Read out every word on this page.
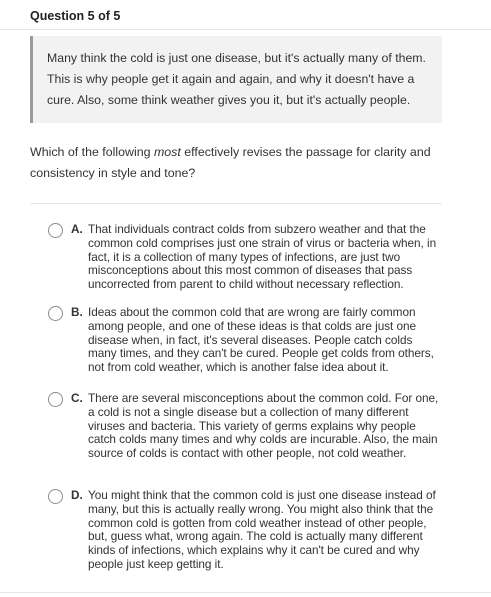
Question 5 of 5
Many think the cold is just one disease, but it's actually many of them. This is why people get it again and again, and why it doesn't have a cure. Also, some think weather gives you it, but it's actually people.
Which of the following most effectively revises the passage for clarity and consistency in style and tone?
A. That individuals contract colds from subzero weather and that the common cold comprises just one strain of virus or bacteria when, in fact, it is a collection of many types of infections, are just two misconceptions about this most common of diseases that pass uncorrected from parent to child without necessary reflection.
B. Ideas about the common cold that are wrong are fairly common among people, and one of these ideas is that colds are just one disease when, in fact, it's several diseases. People catch colds many times, and they can't be cured. People get colds from others, not from cold weather, which is another false idea about it.
C. There are several misconceptions about the common cold. For one, a cold is not a single disease but a collection of many different viruses and bacteria. This variety of germs explains why people catch colds many times and why colds are incurable. Also, the main source of colds is contact with other people, not cold weather.
D. You might think that the common cold is just one disease instead of many, but this is actually really wrong. You might also think that the common cold is gotten from cold weather instead of other people, but, guess what, wrong again. The cold is actually many different kinds of infections, which explains why it can't be cured and why people just keep getting it.
